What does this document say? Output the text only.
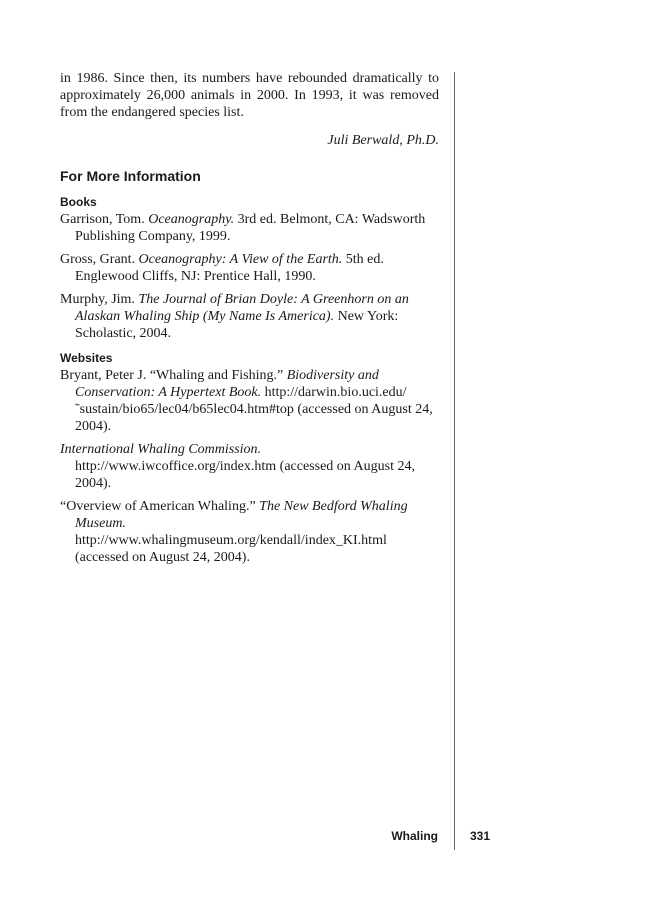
in 1986. Since then, its numbers have rebounded dramatically to approximately 26,000 animals in 2000. In 1993, it was removed from the endangered species list.

Juli Berwald, Ph.D.

For More Information
Books

Garrison, Tom. Oceanography. 3rd ed. Belmont, CA: Wadsworth Publishing Company, 1999.

Gross, Grant. Oceanography: A View of the Earth. 5th ed. Englewood Cliffs, NJ: Prentice Hall, 1990.

Murphy, Jim. The Journal of Brian Doyle: A Greenhorn on an Alaskan Whaling Ship (My Name Is America). New York: Scholastic, 2004.

Websites

Bryant, Peter J. “Whaling and Fishing.” Biodiversity and Conservation: A Hypertext Book. http://darwin.bio.uci.edu/˜sustain/bio65/lec04/b65lec04.htm#top (accessed on August 24, 2004).

International Whaling Commission. http://www.iwcoffice.org/index.htm (accessed on August 24, 2004).

“Overview of American Whaling.” The New Bedford Whaling Museum. http://www.whalingmuseum.org/kendall/index_KI.html (accessed on August 24, 2004).

Whaling	331
